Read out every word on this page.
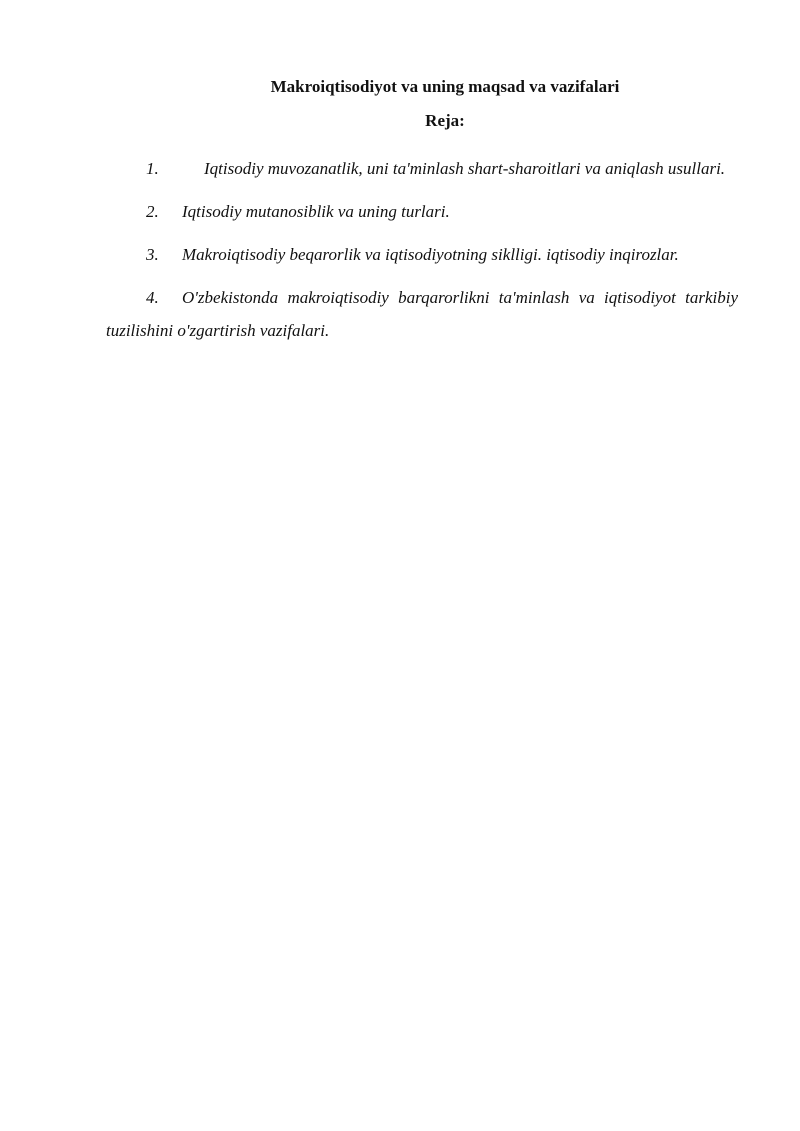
Makroiqtisodiyot va uning maqsad va vazifalari
Reja:
1.	Iqtisodiy muvozanatlik, uni ta'minlash shart-sharoitlari va aniqlash usullari.
2. Iqtisodiy mutanosiblik va uning turlari.
3. Makroiqtisodiy beqarorlik va iqtisodiyotning siklligi. iqtisodiy inqirozlar.
4. O'zbekistonda makroiqtisodiy barqarorlikni ta'minlash va iqtisodiyot tarkibiy tuzilishini o'zgartirish vazifalari.
